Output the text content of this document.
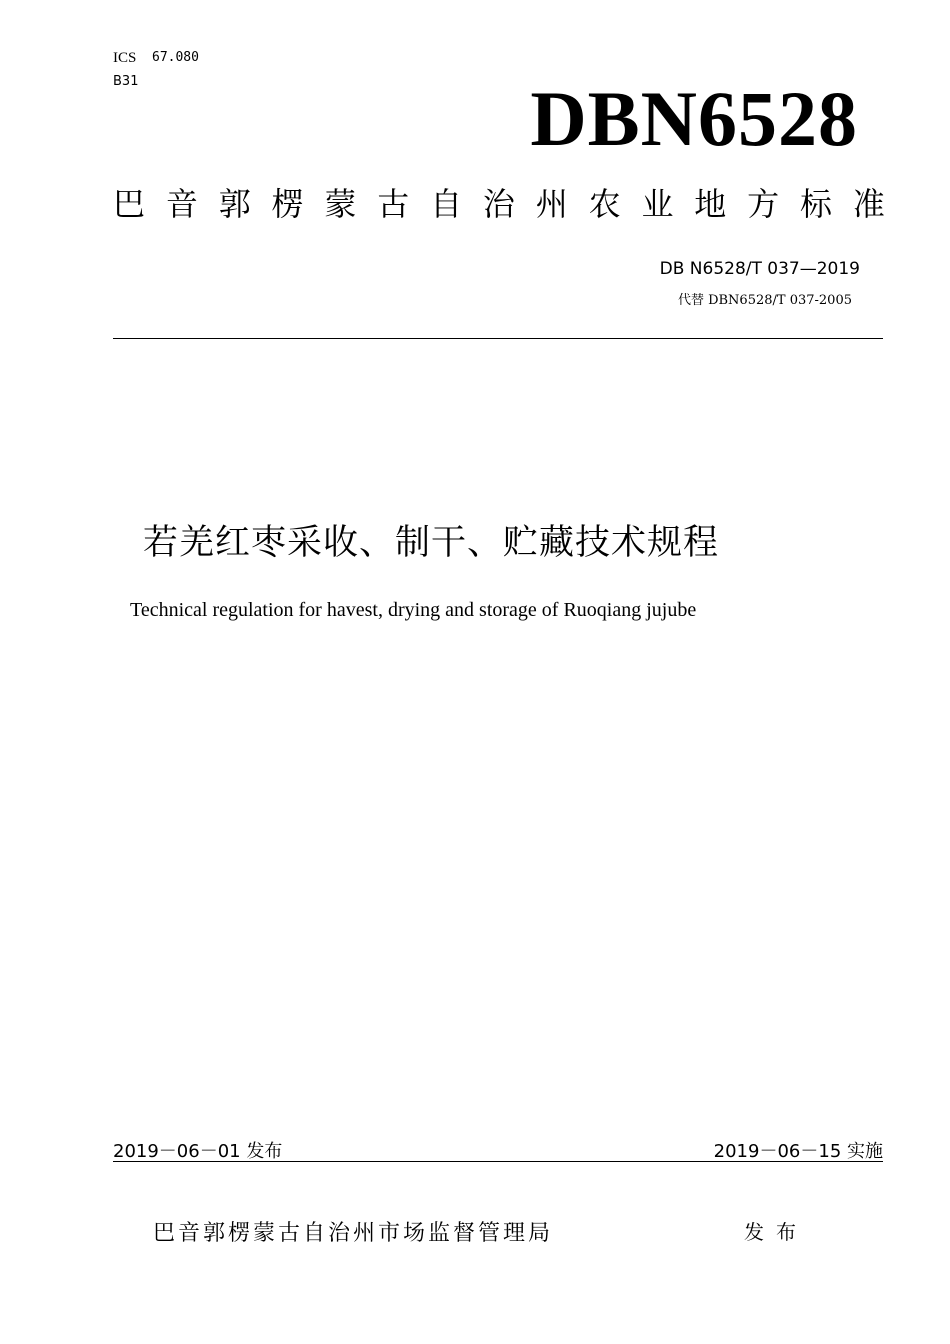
ICS 67.080
B31	DBN6528
巴 音 郭 楞 蒙 古 自 治 州 农 业 地 方 标 准
DB N6528/T 037—2019
代替 DBN6528/T 037-2005
若羌红枣采收、制干、贮藏技术规程
Technical regulation for havest, drying and storage of Ruoqiang jujube
2019－06－01 发布	2019－06－15 实施
巴音郭楞蒙古自治州市场监督管理局	发布
